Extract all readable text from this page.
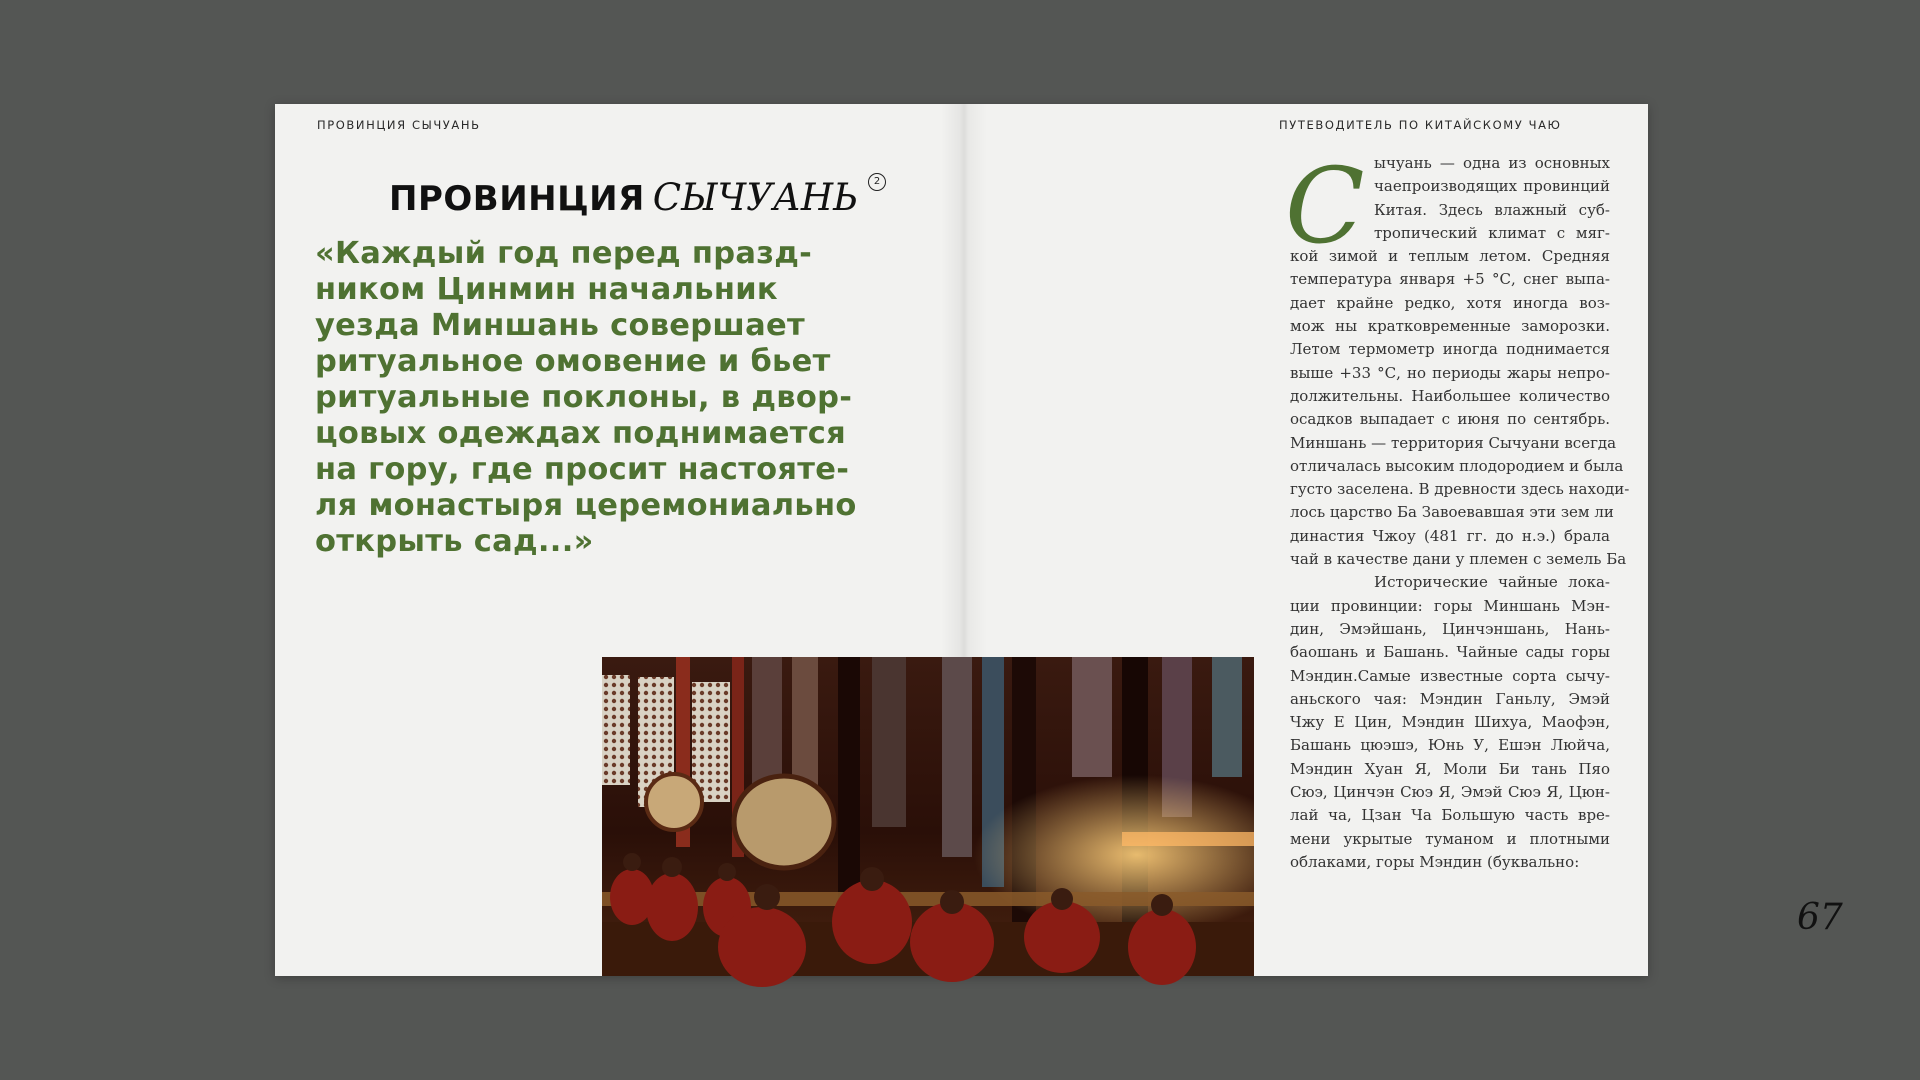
ПРОВИНЦИЯ СЫЧУАНЬ
ПРОВИНЦИЯ СЫЧУАНЬ	2

«Каждый год перед празд-
ником Цинмин начальник
уезда Миншань совершает
ритуальное омовение и бьет
ритуальные поклоны, в двор-
цовых одеждах поднимается
на гору, где просит настояте-
ля монастыря церемониально
открыть сад...»

ПУТЕВОДИТЕЛЬ ПО КИТАЙСКОМУ ЧАЮ
С ычуань — одна из основных
чаепроизводящих провинций
Китая. Здесь влажный суб-
тропический климат с мяг-
кой зимой и теплым летом. Средняя
температура января +5 °С, снег выпа-
дает крайне редко, хотя иногда воз-
мож ны кратковременные заморозки.
Летом термометр иногда поднимается
выше +33 °С, но периоды жары непро-
должительны. Наибольшее количество
осадков выпадает с июня по сентябрь.
Миншань — территория Сычуани всегда
отличалась высоким плодородием и была
густо заселена. В древности здесь находи-
лось царство Ба Завоевавшая эти зем ли
династия Чжоу (481 гг. до н.э.) брала
чай в качестве дани у племен с земель Ба
Исторические чайные лока-
ции провинции: горы Миншань Мэн-
дин, Эмэйшань, Цинчэншань, Нань-
баошань и Башань. Чайные сады горы
Мэндин.Самые известные сорта сычу-
аньского чая: Мэндин Ганьлу, Эмэй
Чжу Е Цин, Мэндин Шихуа, Маофэн,
Башань цюэшэ, Юнь У, Ешэн Люйча,
Мэндин Хуан Я, Моли Би тань Пяо
Сюэ, Цинчэн Сюэ Я, Эмэй Сюэ Я, Цюн-
лай ча, Цзан Ча Большую часть вре-
мени укрытые туманом и плотными
облаками, горы Мэндин (буквально:
67
